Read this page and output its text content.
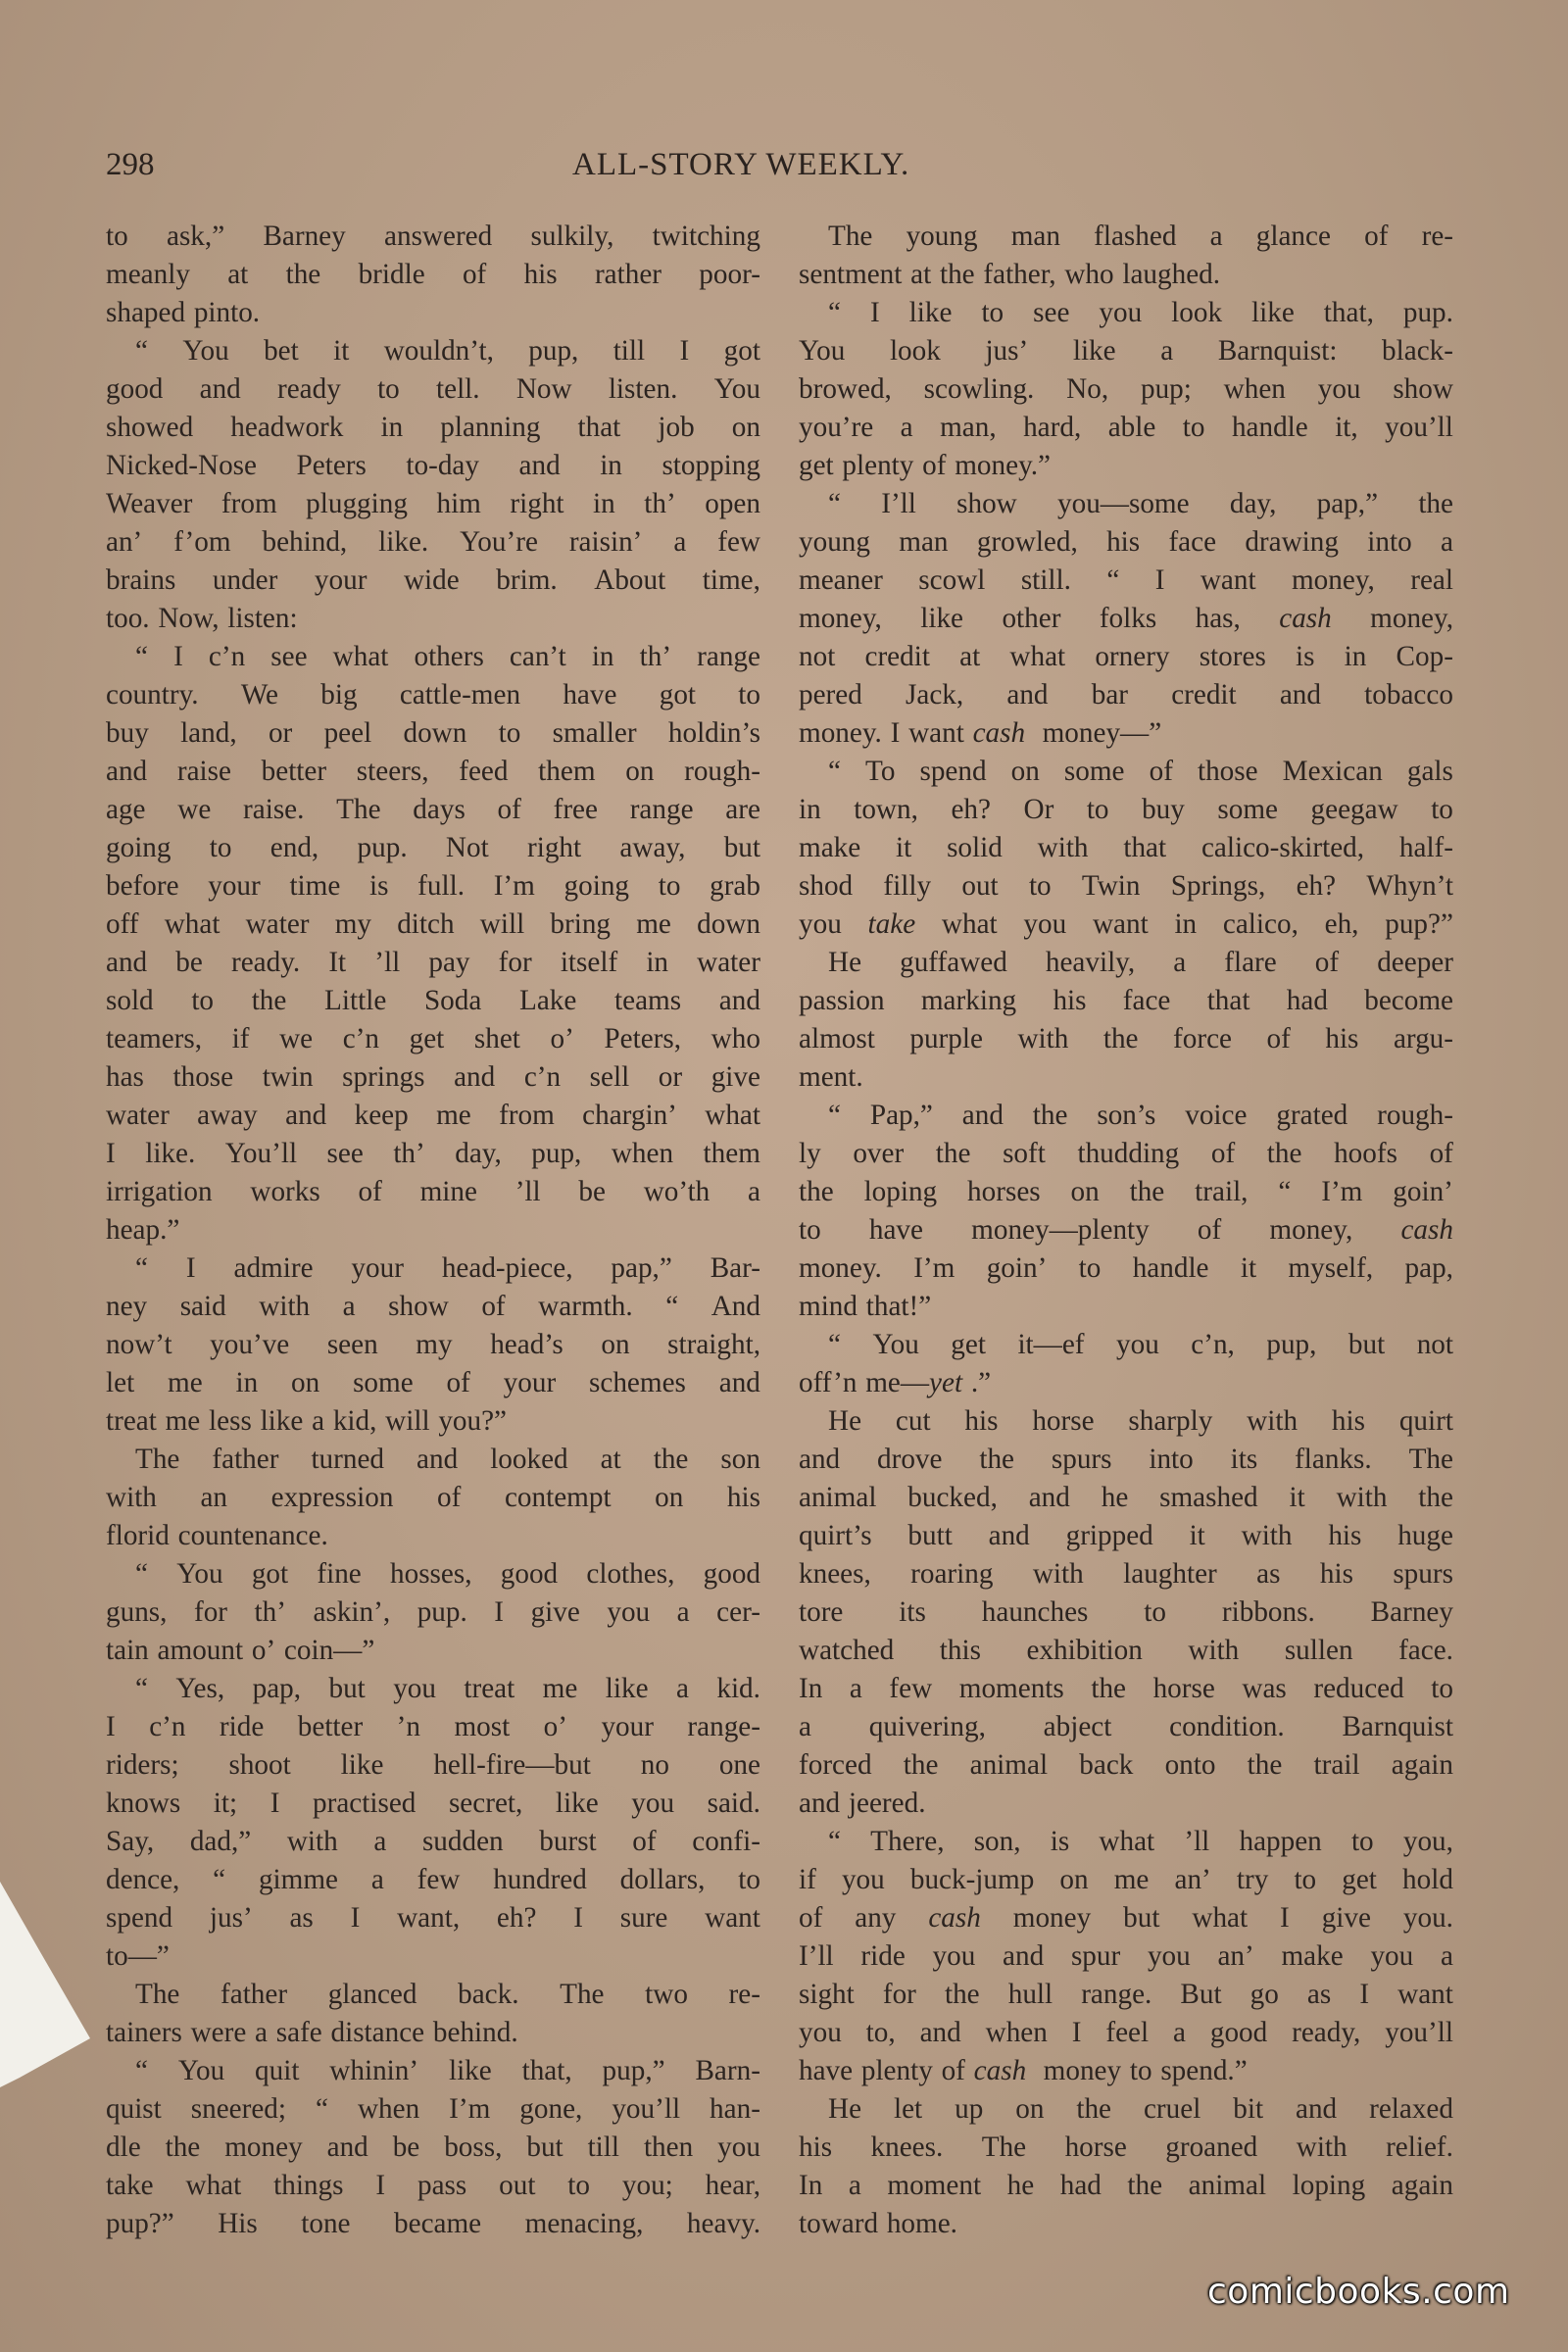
298	ALL-STORY WEEKLY.
to ask,” Barney answered sulkily, twitching
meanly at the bridle of his rather poor-
shaped pinto.
“ You bet it wouldn’t, pup, till I got
good and ready to tell. Now listen. You
showed headwork in planning that job on
Nicked-Nose Peters to-day and in stopping
Weaver from plugging him right in th’ open
an’ f’om behind, like. You’re raisin’ a few
brains under your wide brim. About time,
too. Now, listen:
“ I c’n see what others can’t in th’ range
country. We big cattle-men have got to
buy land, or peel down to smaller holdin’s
and raise better steers, feed them on rough-
age we raise. The days of free range are
going to end, pup. Not right away, but
before your time is full. I’m going to grab
off what water my ditch will bring me down
and be ready. It ’ll pay for itself in water
sold to the Little Soda Lake teams and
teamers, if we c’n get shet o’ Peters, who
has those twin springs and c’n sell or give
water away and keep me from chargin’ what
I like. You’ll see th’ day, pup, when them
irrigation works of mine ’ll be wo’th a
heap.”
“ I admire your head-piece, pap,” Bar-
ney said with a show of warmth. “ And
now’t you’ve seen my head’s on straight,
let me in on some of your schemes and
treat me less like a kid, will you?”
The father turned and looked at the son
with an expression of contempt on his
florid countenance.
“ You got fine hosses, good clothes, good
guns, for th’ askin’, pup. I give you a cer-
tain amount o’ coin—”
“ Yes, pap, but you treat me like a kid.
I c’n ride better ’n most o’ your range-
riders; shoot like hell-fire—but no one
knows it; I practised secret, like you said.
Say, dad,” with a sudden burst of confi-
dence, “ gimme a few hundred dollars, to
spend jus’ as I want, eh? I sure want
to—”
The father glanced back. The two re-
tainers were a safe distance behind.
“ You quit whinin’ like that, pup,” Barn-
quist sneered; “ when I’m gone, you’ll han-
dle the money and be boss, but till then you
take what things I pass out to you; hear,
pup?” His tone became menacing, heavy.
The young man flashed a glance of re-
sentment at the father, who laughed.
“ I like to see you look like that, pup.
You look jus’ like a Barnquist: black-
browed, scowling. No, pup; when you show
you’re a man, hard, able to handle it, you’ll
get plenty of money.”
“ I’ll show you—some day, pap,” the
young man growled, his face drawing into a
meaner scowl still. “ I want money, real
money, like other folks has, cash money,
not credit at what ornery stores is in Cop-
pered Jack, and bar credit and tobacco
money. I want cash money—”
“ To spend on some of those Mexican gals
in town, eh? Or to buy some geegaw to
make it solid with that calico-skirted, half-
shod filly out to Twin Springs, eh? Whyn’t
you take what you want in calico, eh, pup?”
He guffawed heavily, a flare of deeper
passion marking his face that had become
almost purple with the force of his argu-
ment.
“ Pap,” and the son’s voice grated rough-
ly over the soft thudding of the hoofs of
the loping horses on the trail, “ I’m goin’
to have money—plenty of money, cash
money. I’m goin’ to handle it myself, pap,
mind that!”
“ You get it—ef you c’n, pup, but not
off’n me—yet .”
He cut his horse sharply with his quirt
and drove the spurs into its flanks. The
animal bucked, and he smashed it with the
quirt’s butt and gripped it with his huge
knees, roaring with laughter as his spurs
tore its haunches to ribbons. Barney
watched this exhibition with sullen face.
In a few moments the horse was reduced to
a quivering, abject condition. Barnquist
forced the animal back onto the trail again
and jeered.
“ There, son, is what ’ll happen to you,
if you buck-jump on me an’ try to get hold
of any cash money but what I give you.
I’ll ride you and spur you an’ make you a
sight for the hull range. But go as I want
you to, and when I feel a good ready, you’ll
have plenty of cash money to spend.”
He let up on the cruel bit and relaxed
his knees. The horse groaned with relief.
In a moment he had the animal loping again
toward home.
comicbooks.com
